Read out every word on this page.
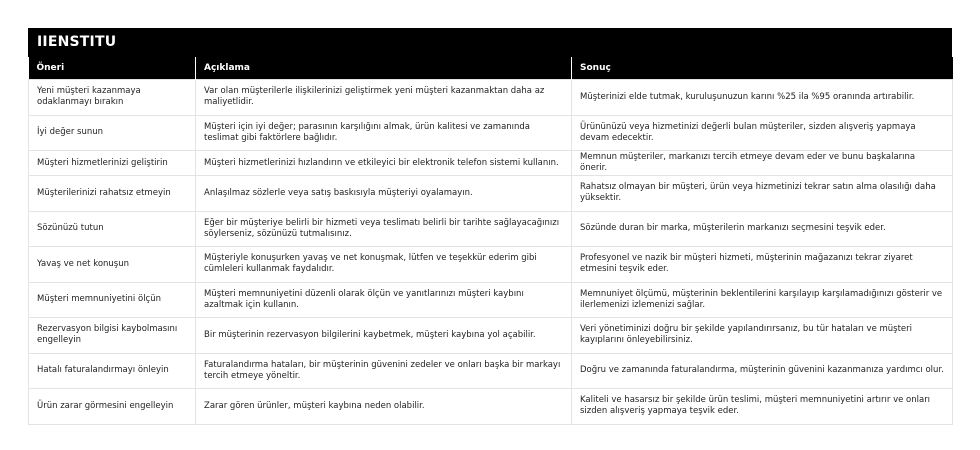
IIENSTITU
Öneri	Açıklama	Sonuç
Yeni müşteri kazanmaya odaklanmayı bırakın	Var olan müşterilerle ilişkilerinizi geliştirmek yeni müşteri kazanmaktan daha az maliyetlidir.	Müşterinizi elde tutmak, kuruluşunuzun karını %25 ila %95 oranında artırabilir.
İyi değer sunun	Müşteri için iyi değer; parasının karşılığını almak, ürün kalitesi ve zamanında teslimat gibi faktörlere bağlıdır.	Ürününüzü veya hizmetinizi değerli bulan müşteriler, sizden alışveriş yapmaya devam edecektir.
Müşteri hizmetlerinizi geliştirin	Müşteri hizmetlerinizi hızlandırın ve etkileyici bir elektronik telefon sistemi kullanın.	Memnun müşteriler, markanızı tercih etmeye devam eder ve bunu başkalarına önerir.
Müşterilerinizi rahatsız etmeyin	Anlaşılmaz sözlerle veya satış baskısıyla müşteriyi oyalamayın.	Rahatsız olmayan bir müşteri, ürün veya hizmetinizi tekrar satın alma olasılığı daha yüksektir.
Sözünüzü tutun	Eğer bir müşteriye belirli bir hizmeti veya teslimatı belirli bir tarihte sağlayacağınızı söylerseniz, sözünüzü tutmalısınız.	Sözünde duran bir marka, müşterilerin markanızı seçmesini teşvik eder.
Yavaş ve net konuşun	Müşteriyle konuşurken yavaş ve net konuşmak, lütfen ve teşekkür ederim gibi cümleleri kullanmak faydalıdır.	Profesyonel ve nazik bir müşteri hizmeti, müşterinin mağazanızı tekrar ziyaret etmesini teşvik eder.
Müşteri memnuniyetini ölçün	Müşteri memnuniyetini düzenli olarak ölçün ve yanıtlarınızı müşteri kaybını azaltmak için kullanın.	Memnuniyet ölçümü, müşterinin beklentilerini karşılayıp karşılamadığınızı gösterir ve ilerlemenizi izlemenizi sağlar.
Rezervasyon bilgisi kaybolmasını engelleyin	Bir müşterinin rezervasyon bilgilerini kaybetmek, müşteri kaybına yol açabilir.	Veri yönetiminizi doğru bir şekilde yapılandırırsanız, bu tür hataları ve müşteri kayıplarını önleyebilirsiniz.
Hatalı faturalandırmayı önleyin	Faturalandırma hataları, bir müşterinin güvenini zedeler ve onları başka bir markayı tercih etmeye yöneltir.	Doğru ve zamanında faturalandırma, müşterinin güvenini kazanmanıza yardımcı olur.
Ürün zarar görmesini engelleyin	Zarar gören ürünler, müşteri kaybına neden olabilir.	Kaliteli ve hasarsız bir şekilde ürün teslimi, müşteri memnuniyetini artırır ve onları sizden alışveriş yapmaya teşvik eder.
